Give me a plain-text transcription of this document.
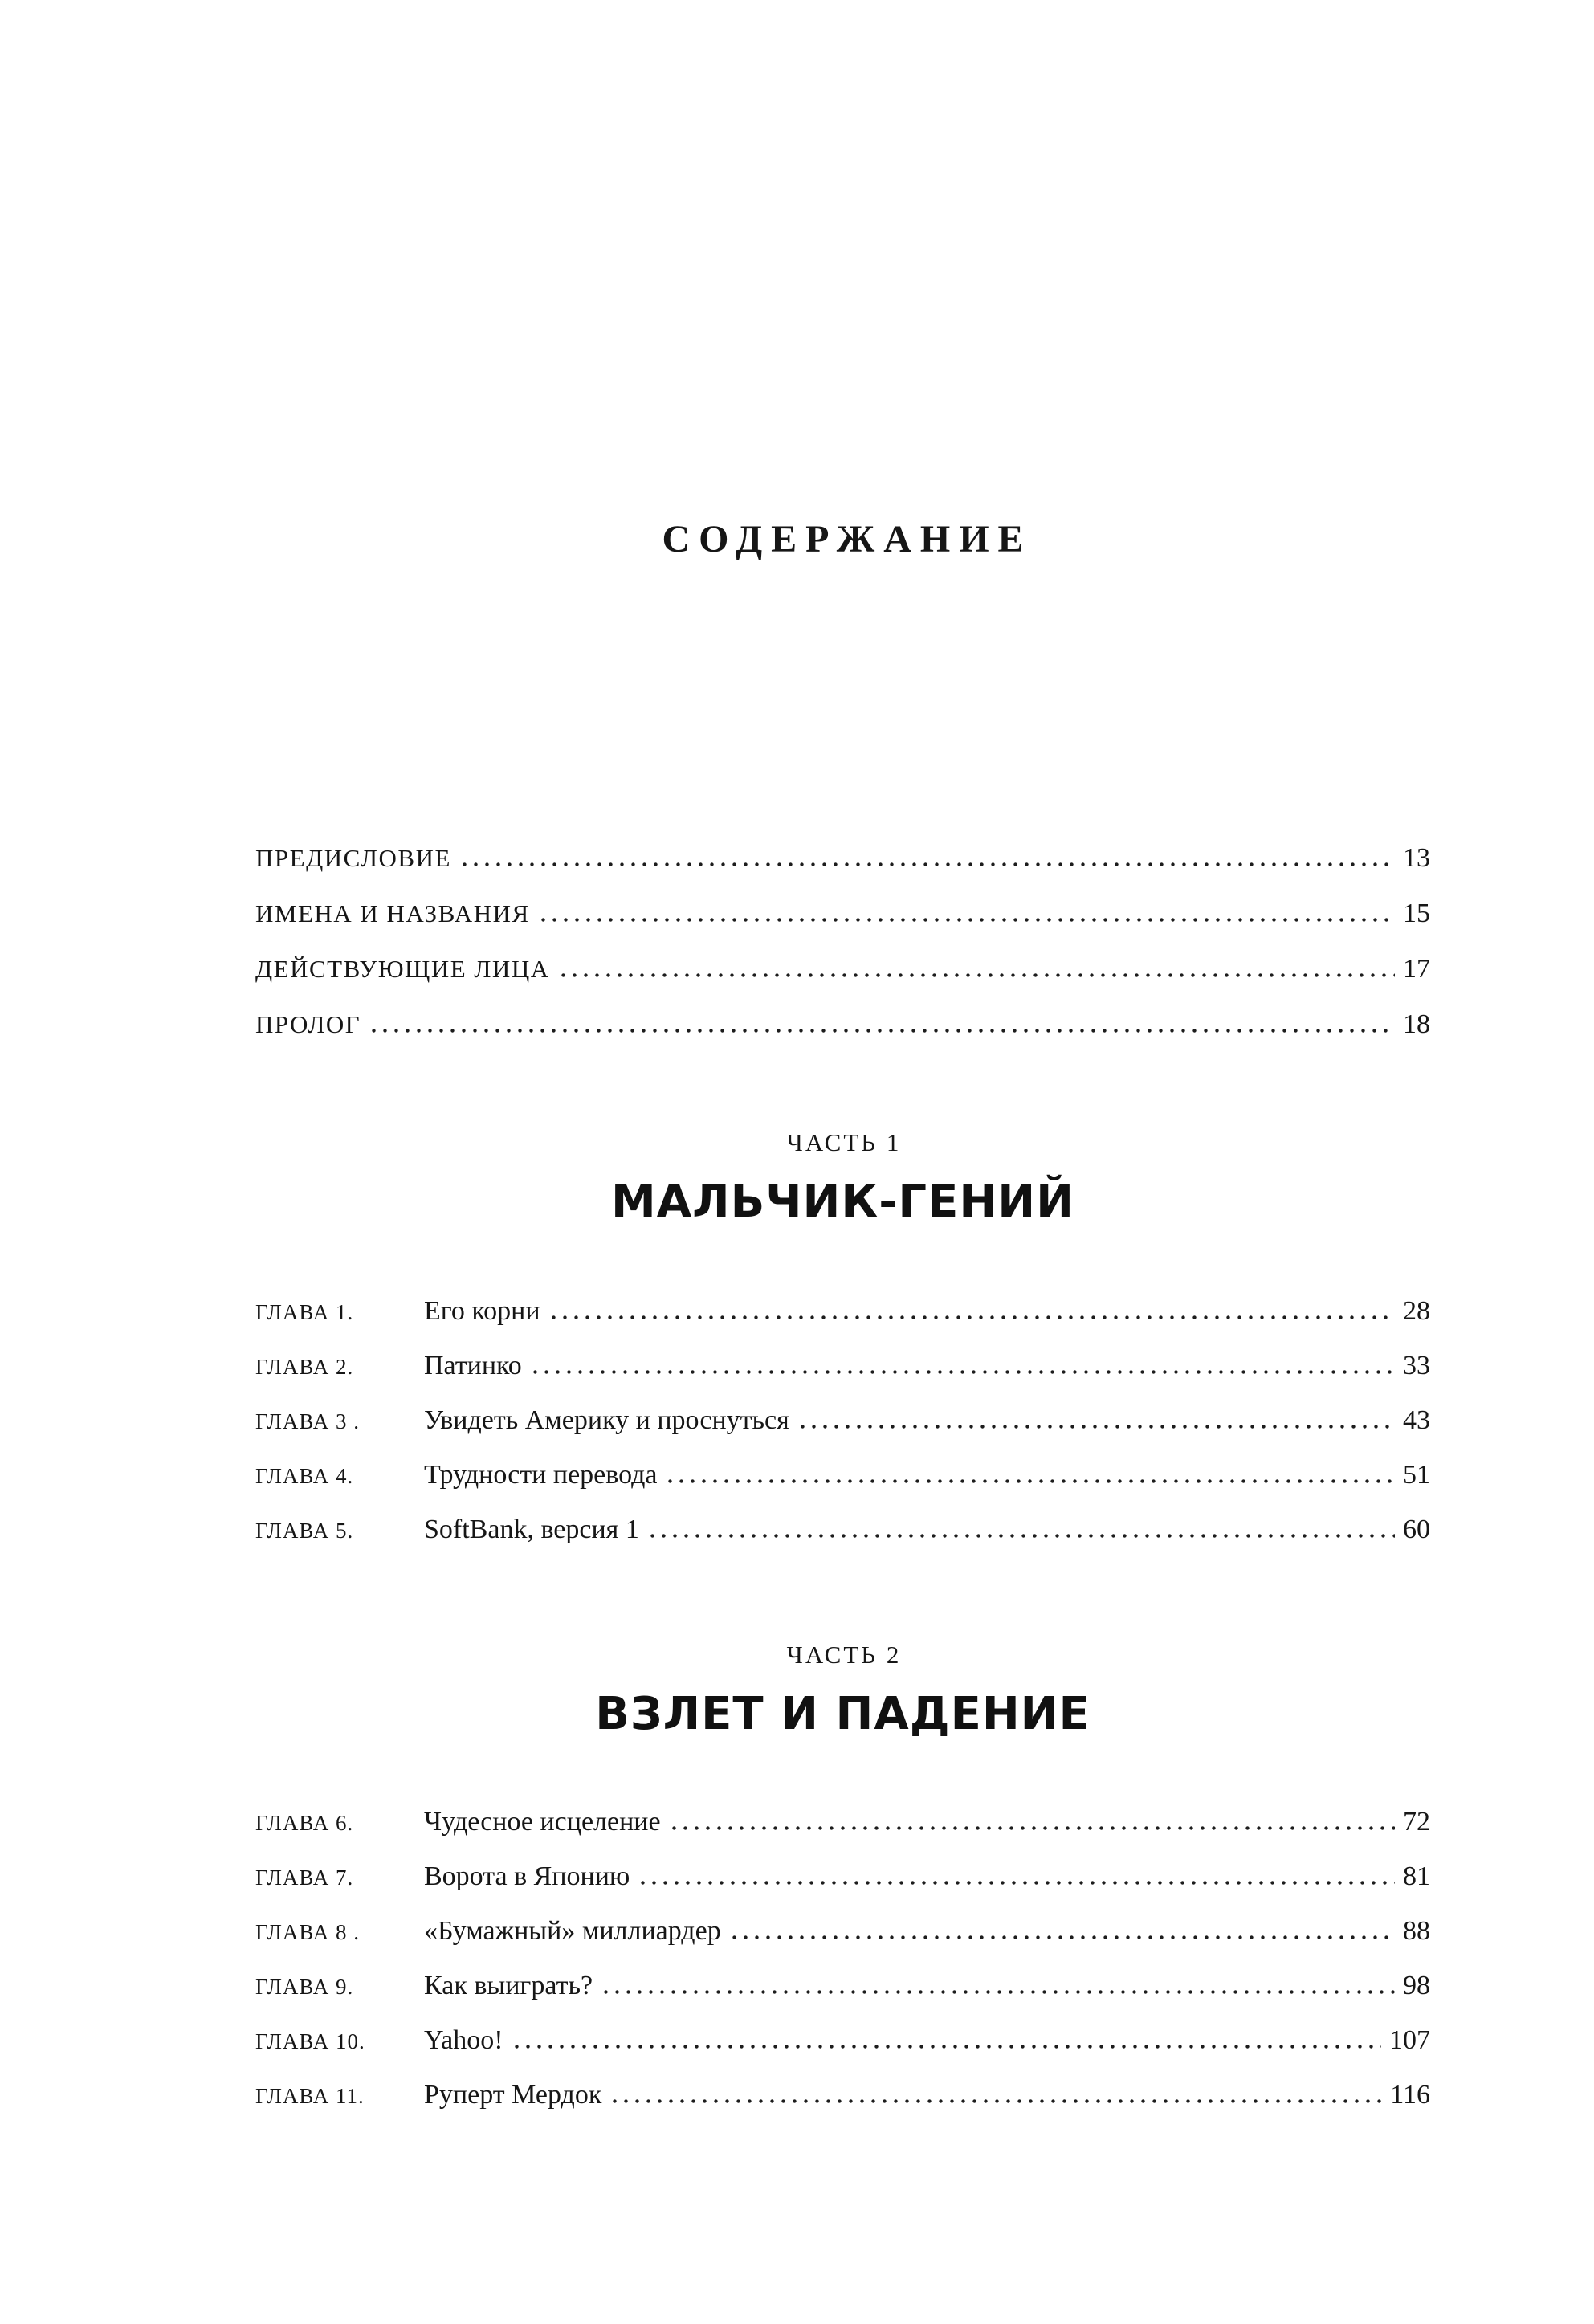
СОДЕРЖАНИЕ
ПРЕДИСЛОВИЕ	13
ИМЕНА И НАЗВАНИЯ	15
ДЕЙСТВУЮЩИЕ ЛИЦА	17
ПРОЛОГ	18
ЧАСТЬ 1
МАЛЬЧИК-ГЕНИЙ
ГЛАВА 1.	Его корни	28
ГЛАВА 2.	Патинко	33
ГЛАВА 3 .	Увидеть Америку и проснуться	43
ГЛАВА 4.	Трудности перевода	51
ГЛАВА 5.	SoftBank, версия 1	60
ЧАСТЬ 2
ВЗЛЕТ И ПАДЕНИЕ
ГЛАВА 6.	Чудесное исцеление	72
ГЛАВА 7.	Ворота в Японию	81
ГЛАВА 8 .	«Бумажный» миллиардер	88
ГЛАВА 9.	Как выиграть?	98
ГЛАВА 10.	Yahoo!	107
ГЛАВА 11.	Руперт Мердок	116
